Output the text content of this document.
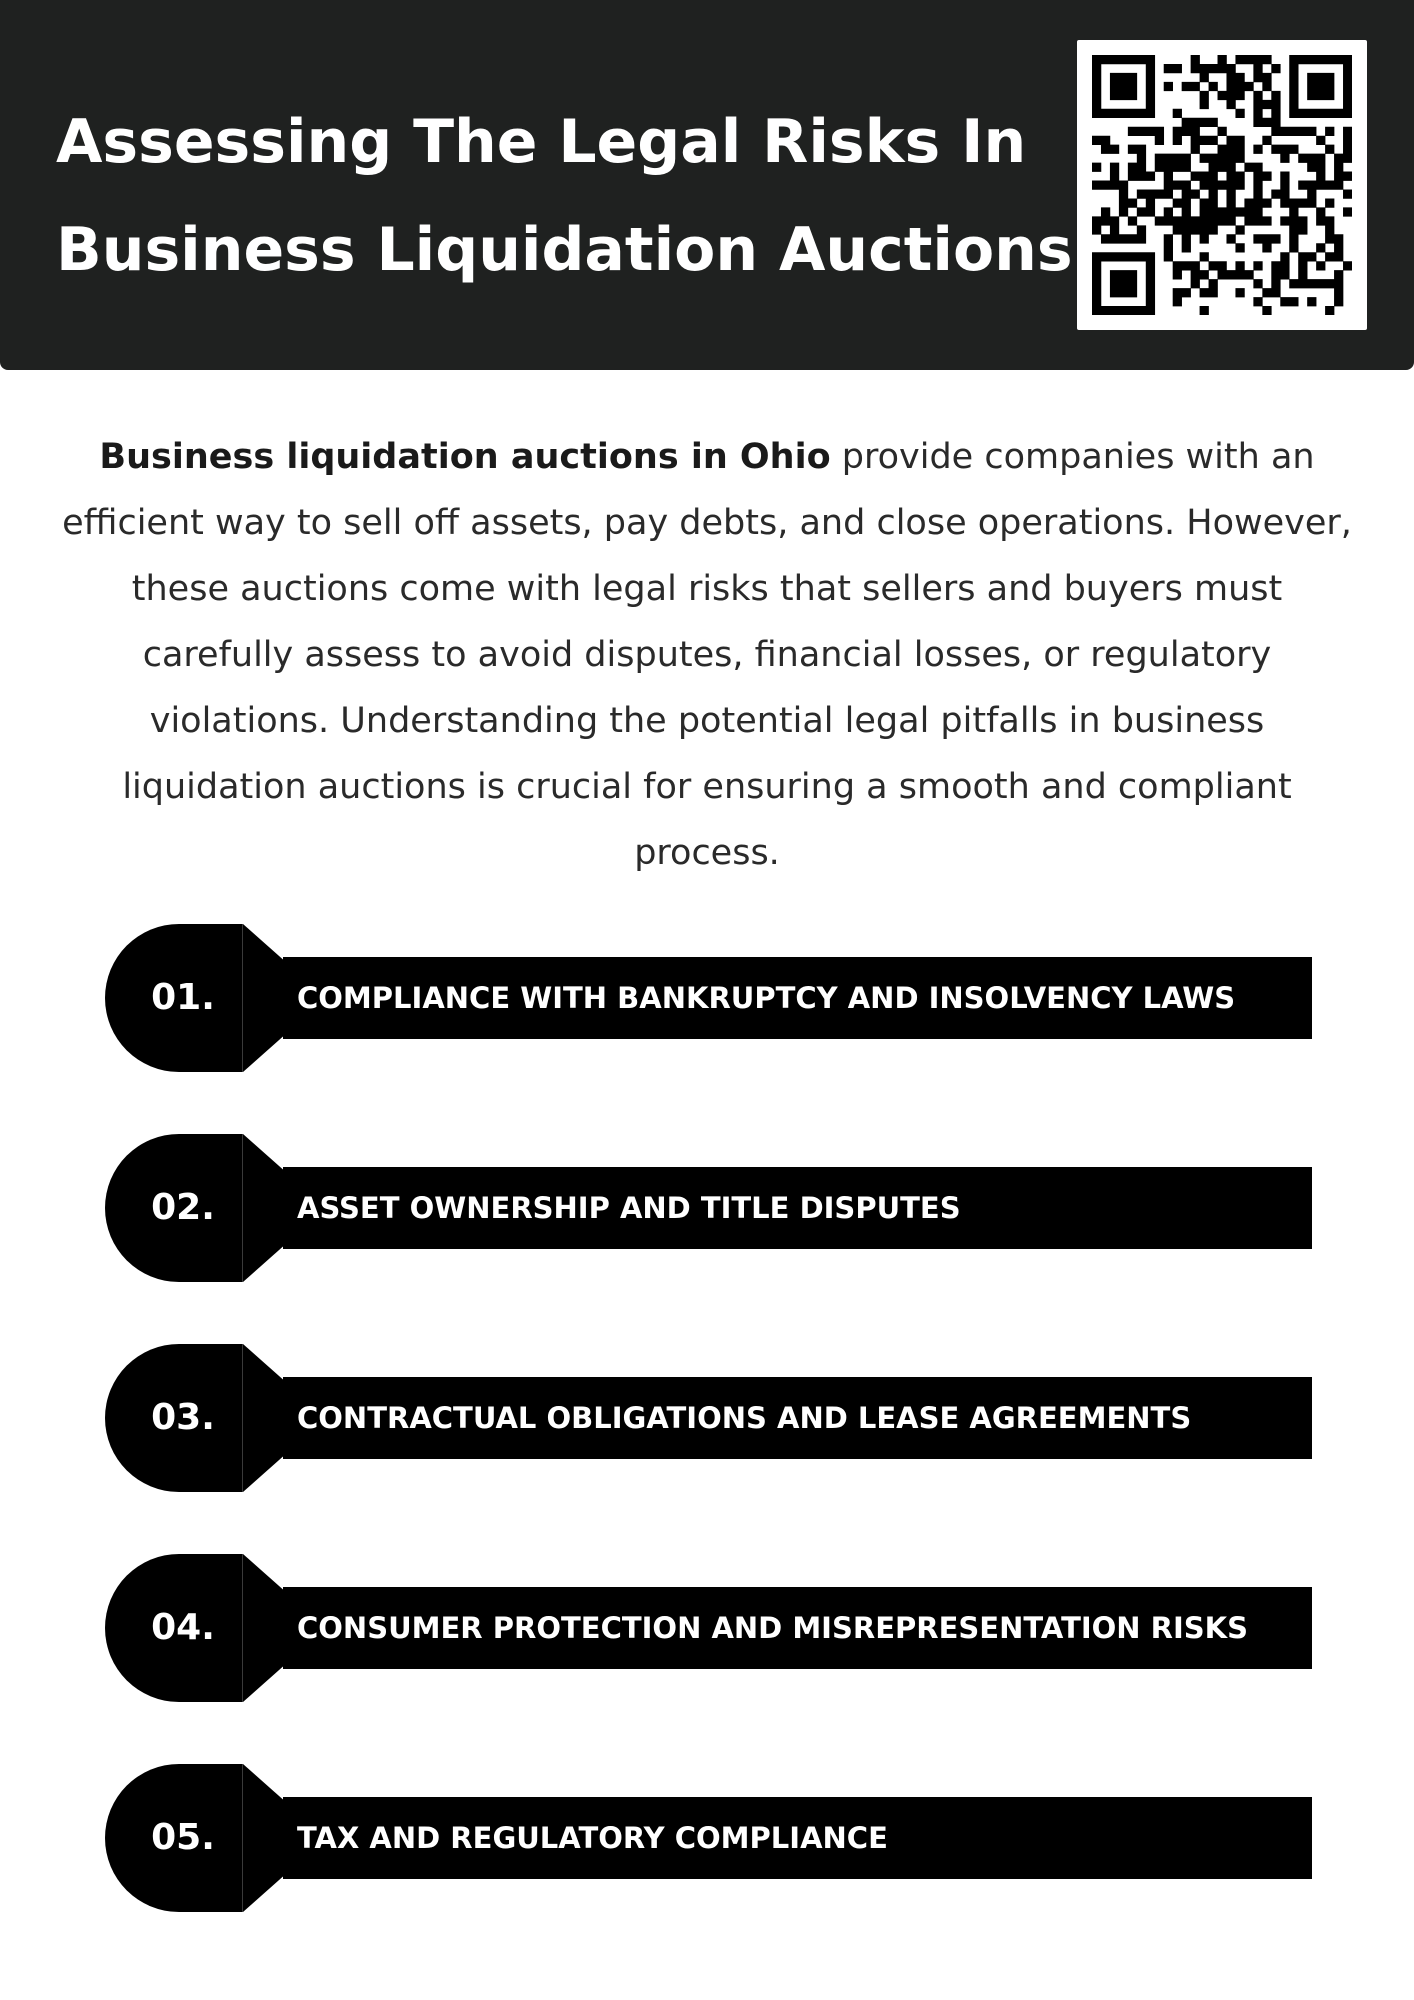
Assessing The Legal Risks In
Business Liquidation Auctions

Business liquidation auctions in Ohio provide companies with an efficient way to sell off assets, pay debts, and close operations. However, these auctions come with legal risks that sellers and buyers must carefully assess to avoid disputes, financial losses, or regulatory violations. Understanding the potential legal pitfalls in business liquidation auctions is crucial for ensuring a smooth and compliant process.

01.	COMPLIANCE WITH BANKRUPTCY AND INSOLVENCY LAWS
02.	ASSET OWNERSHIP AND TITLE DISPUTES
03.	CONTRACTUAL OBLIGATIONS AND LEASE AGREEMENTS
04.	CONSUMER PROTECTION AND MISREPRESENTATION RISKS
05.	TAX AND REGULATORY COMPLIANCE
